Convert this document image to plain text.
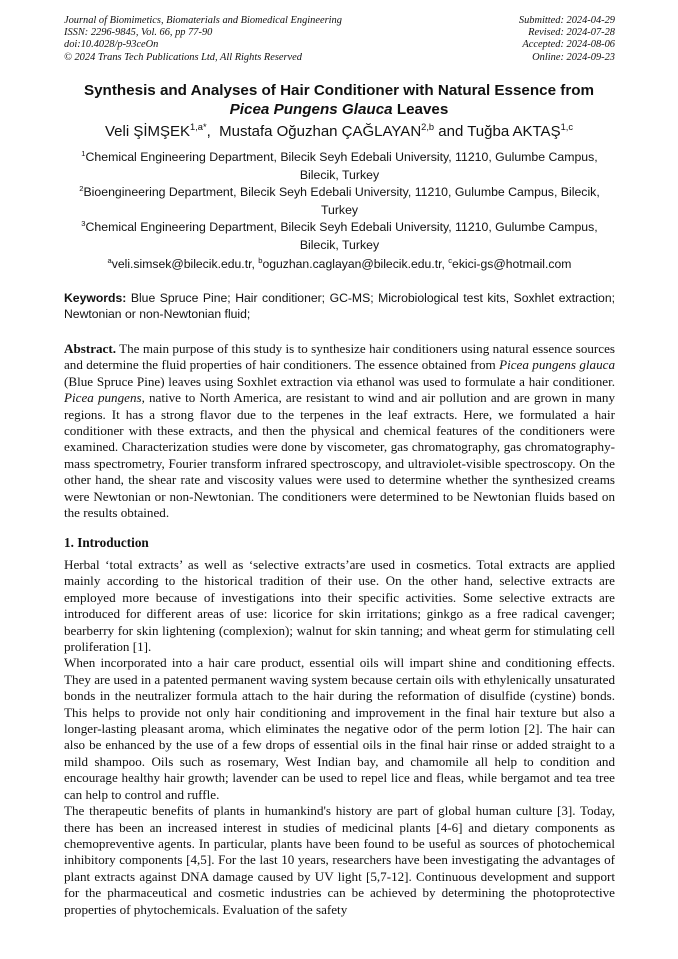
Journal of Biomimetics, Biomaterials and Biomedical Engineering	Submitted: 2024-04-29
ISSN: 2296-9845, Vol. 66, pp 77-90	Revised: 2024-07-28
doi:10.4028/p-93ceOn	Accepted: 2024-08-06
© 2024 Trans Tech Publications Ltd, All Rights Reserved	Online: 2024-09-23
Synthesis and Analyses of Hair Conditioner with Natural Essence from
Picea Pungens Glauca Leaves
Veli $ŞİMŞEK^{1,a*}$,  Mustafa Oğuzhan ÇAĞLAYAN$^{2,b}$ and Tuğba AKTAŞ$^{1,c}$
$^1$Chemical Engineering Department, Bilecik Seyh Edebali University, 11210, Gulumbe Campus, Bilecik, Turkey
$^2$Bioengineering Department, Bilecik Seyh Edebali University, 11210, Gulumbe Campus, Bilecik, Turkey
$^3$Chemical Engineering Department, Bilecik Seyh Edebali University, 11210, Gulumbe Campus, Bilecik, Turkey
$^a$veli.simsek@bilecik.edu.tr, $^b$oguzhan.caglayan@bilecik.edu.tr, $^c$ekici-gs@hotmail.com
Keywords: Blue Spruce Pine; Hair conditioner; GC-MS; Microbiological test kits, Soxhlet extraction; Newtonian or non-Newtonian fluid;
Abstract. The main purpose of this study is to synthesize hair conditioners using natural essence sources and determine the fluid properties of hair conditioners. The essence obtained from Picea pungens glauca (Blue Spruce Pine) leaves using Soxhlet extraction via ethanol was used to formulate a hair conditioner. Picea pungens, native to North America, are resistant to wind and air pollution and are grown in many regions. It has a strong flavor due to the terpenes in the leaf extracts. Here, we formulated a hair conditioner with these extracts, and then the physical and chemical features of the conditioners were examined. Characterization studies were done by viscometer, gas chromatography, gas chromatography-mass spectrometry, Fourier transform infrared spectroscopy, and ultraviolet-visible spectroscopy. On the other hand, the shear rate and viscosity values were used to determine whether the synthesized creams were Newtonian or non-Newtonian. The conditioners were determined to be Newtonian fluids based on the results obtained.
1. Introduction

Herbal ‘total extracts’ as well as ‘selective extracts’are used in cosmetics. Total extracts are applied mainly according to the historical tradition of their use. On the other hand, selective extracts are employed more because of investigations into their specific activities. Some selective extracts are introduced for different areas of use: licorice for skin irritations; ginkgo as a free radical cavenger; bearberry for skin lightening (complexion); walnut for skin tanning; and wheat germ for stimulating cell proliferation [1].

When incorporated into a hair care product, essential oils will impart shine and conditioning effects. They are used in a patented permanent waving system because certain oils with ethylenically unsaturated bonds in the neutralizer formula attach to the hair during the reformation of disulfide (cystine) bonds. This helps to provide not only hair conditioning and improvement in the final hair texture but also a longer-lasting pleasant aroma, which eliminates the negative odor of the perm lotion [2]. The hair can also be enhanced by the use of a few drops of essential oils in the final hair rinse or added straight to a mild shampoo. Oils such as rosemary, West Indian bay, and chamomile all help to condition and encourage healthy hair growth; lavender can be used to repel lice and fleas, while bergamot and tea tree can help to control and ruffle.

The therapeutic benefits of plants in humankind's history are part of global human culture [3]. Today, there has been an increased interest in studies of medicinal plants [4-6] and dietary components as chemopreventive agents. In particular, plants have been found to be useful as sources of photochemical inhibitory components [4,5]. For the last 10 years, researchers have been investigating the advantages of plant extracts against DNA damage caused by UV light [5,7-12]. Continuous development and support for the pharmaceutical and cosmetic industries can be achieved by determining the photoprotective properties of phytochemicals. Evaluation of the safety
